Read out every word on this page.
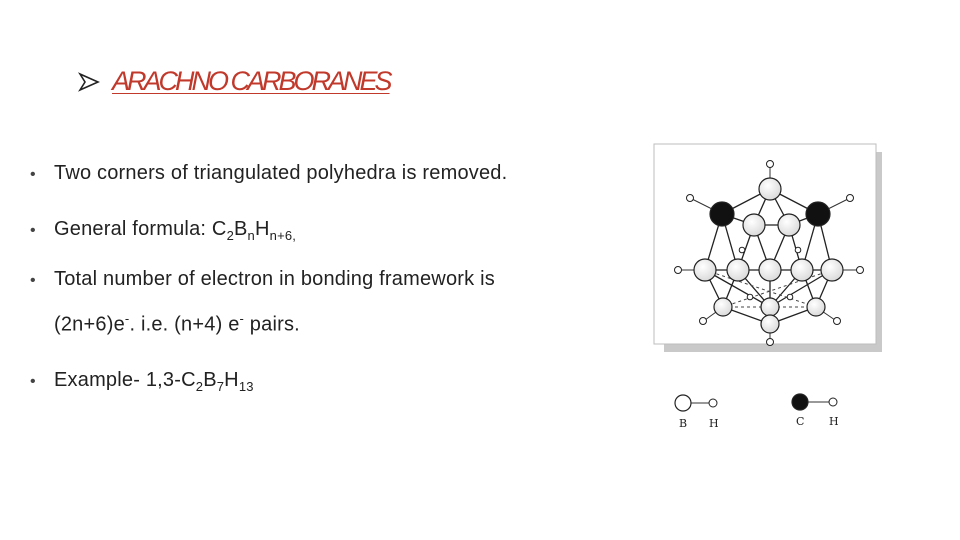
ARACHNO CARBORANES
• Two corners of triangulated polyhedra is removed.
• General formula: $C_2B_nH_{n+6,}$
• Total number of electron in bonding framework is
(2n+6)e-. i.e. (n+4) e- pairs.
• Example- $1,3-C_2B_7H_{13}$
B H	C H
